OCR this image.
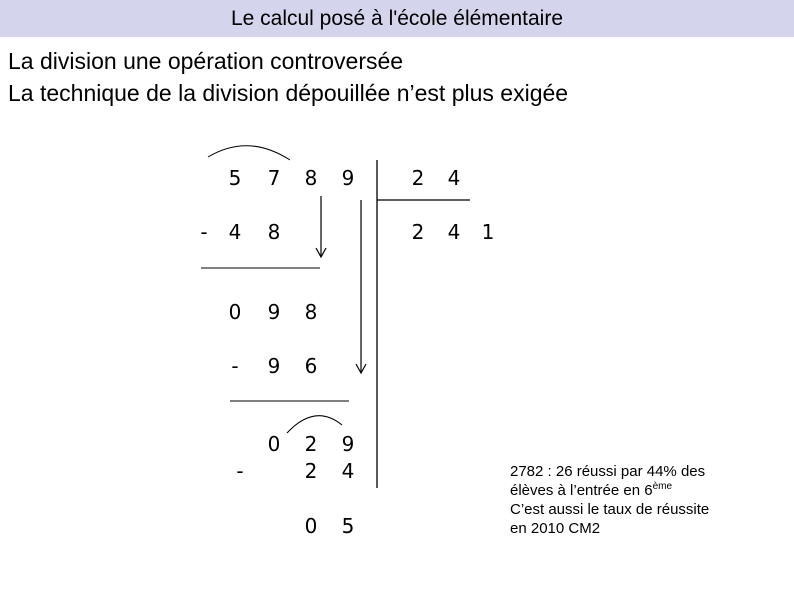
Le calcul posé à l'école élémentaire
La division une opération controversée
La technique de la division dépouillée n’est plus exigée
5 7 8 9	2 4
2 4 1
-	4 8
0 9 8
-	9 6
0 2 9
-	2 4
0 5
2782 : 26 réussi par 44% des
élèves à l’entrée en 6ème
C’est aussi le taux de réussite
en 2010 CM2
